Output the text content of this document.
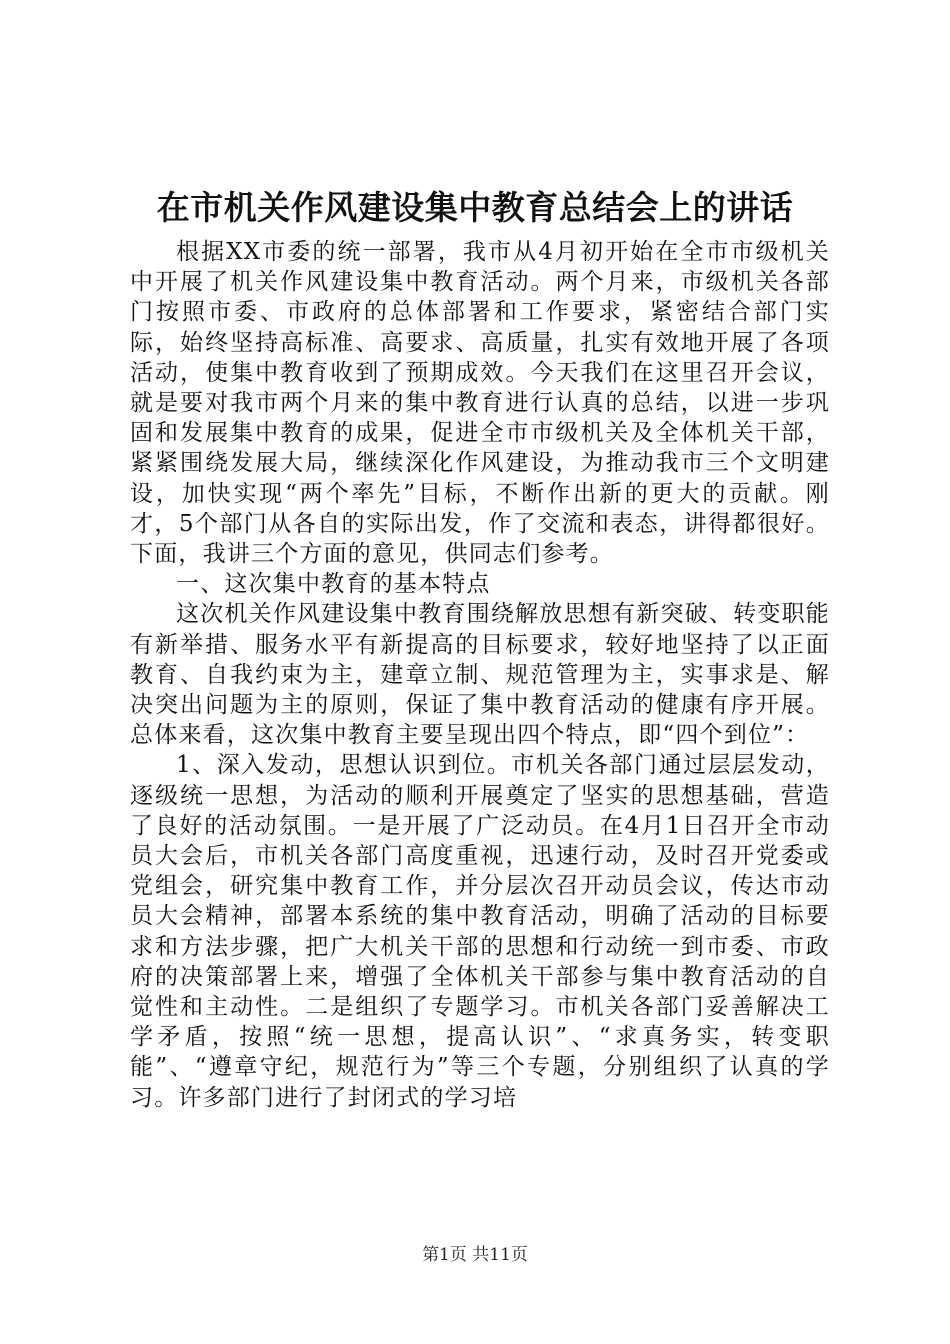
在市机关作风建设集中教育总结会上的讲话

根据XX市委的统一部署，我市从4月初开始在全市市级机关中开展了机关作风建设集中教育活动。两个月来，市级机关各部门按照市委、市政府的总体部署和工作要求，紧密结合部门实际，始终坚持高标准、高要求、高质量，扎实有效地开展了各项活动，使集中教育收到了预期成效。今天我们在这里召开会议，就是要对我市两个月来的集中教育进行认真的总结，以进一步巩固和发展集中教育的成果，促进全市市级机关及全体机关干部，紧紧围绕发展大局，继续深化作风建设，为推动我市三个文明建设，加快实现“两个率先”目标，不断作出新的更大的贡献。刚才，5个部门从各自的实际出发，作了交流和表态，讲得都很好。下面，我讲三个方面的意见，供同志们参考。

一、这次集中教育的基本特点

这次机关作风建设集中教育围绕解放思想有新突破、转变职能有新举措、服务水平有新提高的目标要求，较好地坚持了以正面教育、自我约束为主，建章立制、规范管理为主，实事求是、解决突出问题为主的原则，保证了集中教育活动的健康有序开展。总体来看，这次集中教育主要呈现出四个特点，即“四个到位”：

1、深入发动，思想认识到位。市机关各部门通过层层发动，逐级统一思想，为活动的顺利开展奠定了坚实的思想基础，营造了良好的活动氛围。一是开展了广泛动员。在4月1日召开全市动员大会后，市机关各部门高度重视，迅速行动，及时召开党委或党组会，研究集中教育工作，并分层次召开动员会议，传达市动员大会精神，部署本系统的集中教育活动，明确了活动的目标要求和方法步骤，把广大机关干部的思想和行动统一到市委、市政府的决策部署上来，增强了全体机关干部参与集中教育活动的自觉性和主动性。二是组织了专题学习。市机关各部门妥善解决工学矛盾，按照“统一思想，提高认识”、“求真务实，转变职能”、“遵章守纪，规范行为”等三个专题，分别组织了认真的学习。许多部门进行了封闭式的学习培

第1页 共11页
